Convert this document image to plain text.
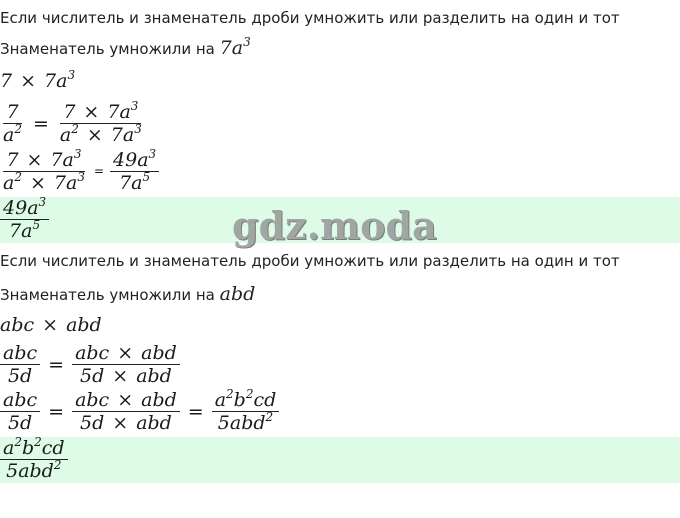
Если числитель и знаменатель дроби умножить или разделить на один и тот
Знаменатель умножили на $7a^3$
$7 \times 7a^3$
$\frac{7}{a^2} = \frac{7 \times 7a^3}{a^2 \times 7a^3}$
$\frac{7 \times 7a^3}{a^2 \times 7a^3} = \frac{49a^3}{7a^5}$
$\frac{49a^3}{7a^5}$	gdz.moda
Если числитель и знаменатель дроби умножить или разделить на один и тот
Знаменатель умножили на abd
abc × abd
$\frac{\text{abc}}{5d} = \frac{\text{abc × abd}}{\text{5d × abd}}$
$\frac{\text{abc}}{5d} = \frac{\text{abc × abd}}{\text{5d × abd}} = \frac{a^2b^2cd}{5abd^2}$
$\frac{a^2b^2cd}{5abd^2}$
